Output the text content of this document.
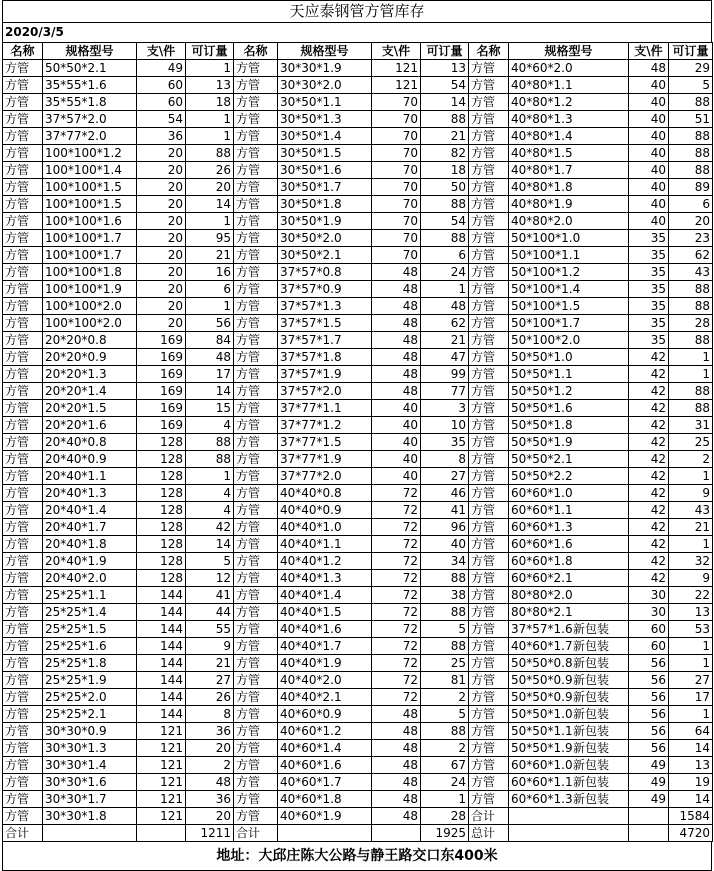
天应泰钢管方管库存
2020/3/5
名称	规格型号	支\件	可订量	名称	规格型号	支\件	可订量	名称	规格型号	支\件	可订量
方管	50*50*2.1	49	1	方管	30*30*1.9	121	13	方管	40*60*2.0	48	29
方管	35*55*1.6	60	13	方管	30*30*2.0	121	54	方管	40*80*1.1	40	5
方管	35*55*1.8	60	18	方管	30*50*1.1	70	14	方管	40*80*1.2	40	88
方管	37*57*2.0	54	1	方管	30*50*1.3	70	88	方管	40*80*1.3	40	51
方管	37*77*2.0	36	1	方管	30*50*1.4	70	21	方管	40*80*1.4	40	88
方管	100*100*1.2	20	88	方管	30*50*1.5	70	82	方管	40*80*1.5	40	88
方管	100*100*1.4	20	26	方管	30*50*1.6	70	18	方管	40*80*1.7	40	88
方管	100*100*1.5	20	20	方管	30*50*1.7	70	50	方管	40*80*1.8	40	89
方管	100*100*1.5	20	14	方管	30*50*1.8	70	88	方管	40*80*1.9	40	6
方管	100*100*1.6	20	1	方管	30*50*1.9	70	54	方管	40*80*2.0	40	20
方管	100*100*1.7	20	95	方管	30*50*2.0	70	88	方管	50*100*1.0	35	23
方管	100*100*1.7	20	21	方管	30*50*2.1	70	6	方管	50*100*1.1	35	62
方管	100*100*1.8	20	16	方管	37*57*0.8	48	24	方管	50*100*1.2	35	43
方管	100*100*1.9	20	6	方管	37*57*0.9	48	1	方管	50*100*1.4	35	88
方管	100*100*2.0	20	1	方管	37*57*1.3	48	48	方管	50*100*1.5	35	88
方管	100*100*2.0	20	56	方管	37*57*1.5	48	62	方管	50*100*1.7	35	28
方管	20*20*0.8	169	84	方管	37*57*1.7	48	21	方管	50*100*2.0	35	88
方管	20*20*0.9	169	48	方管	37*57*1.8	48	47	方管	50*50*1.0	42	1
方管	20*20*1.3	169	17	方管	37*57*1.9	48	99	方管	50*50*1.1	42	1
方管	20*20*1.4	169	14	方管	37*57*2.0	48	77	方管	50*50*1.2	42	88
方管	20*20*1.5	169	15	方管	37*77*1.1	40	3	方管	50*50*1.6	42	88
方管	20*20*1.6	169	4	方管	37*77*1.2	40	10	方管	50*50*1.8	42	31
方管	20*40*0.8	128	88	方管	37*77*1.5	40	35	方管	50*50*1.9	42	25
方管	20*40*0.9	128	88	方管	37*77*1.9	40	8	方管	50*50*2.1	42	2
方管	20*40*1.1	128	1	方管	37*77*2.0	40	27	方管	50*50*2.2	42	1
方管	20*40*1.3	128	4	方管	40*40*0.8	72	46	方管	60*60*1.0	42	9
方管	20*40*1.4	128	4	方管	40*40*0.9	72	41	方管	60*60*1.1	42	43
方管	20*40*1.7	128	42	方管	40*40*1.0	72	96	方管	60*60*1.3	42	21
方管	20*40*1.8	128	14	方管	40*40*1.1	72	40	方管	60*60*1.6	42	1
方管	20*40*1.9	128	5	方管	40*40*1.2	72	34	方管	60*60*1.8	42	32
方管	20*40*2.0	128	12	方管	40*40*1.3	72	88	方管	60*60*2.1	42	9
方管	25*25*1.1	144	41	方管	40*40*1.4	72	38	方管	80*80*2.0	30	22
方管	25*25*1.4	144	44	方管	40*40*1.5	72	88	方管	80*80*2.1	30	13
方管	25*25*1.5	144	55	方管	40*40*1.6	72	5	方管	37*57*1.6 新包装	60	53
方管	25*25*1.6	144	9	方管	40*40*1.7	72	88	方管	40*60*1.7 新包装	60	1
方管	25*25*1.8	144	21	方管	40*40*1.9	72	25	方管	50*50*0.8 新包装	56	1
方管	25*25*1.9	144	27	方管	40*40*2.0	72	81	方管	50*50*0.9 新包装	56	27
方管	25*25*2.0	144	26	方管	40*40*2.1	72	2	方管	50*50*0.9 新包装	56	17
方管	25*25*2.1	144	8	方管	40*60*0.9	48	5	方管	50*50*1.0 新包装	56	1
方管	30*30*0.9	121	36	方管	40*60*1.2	48	88	方管	50*50*1.1 新包装	56	64
方管	30*30*1.3	121	20	方管	40*60*1.4	48	2	方管	50*50*1.9 新包装	56	14
方管	30*30*1.4	121	2	方管	40*60*1.6	48	67	方管	60*60*1.0 新包装	49	13
方管	30*30*1.6	121	48	方管	40*60*1.7	48	24	方管	60*60*1.1 新包装	49	19
方管	30*30*1.7	121	36	方管	40*60*1.8	48	1	方管	60*60*1.3 新包装	49	14
方管	30*30*1.8	121	20	方管	40*60*1.9	48	28	合计			1584
合计			1211	合计			1925	总计			4720
地址：大邱庄陈大公路与静王路交口东400米
